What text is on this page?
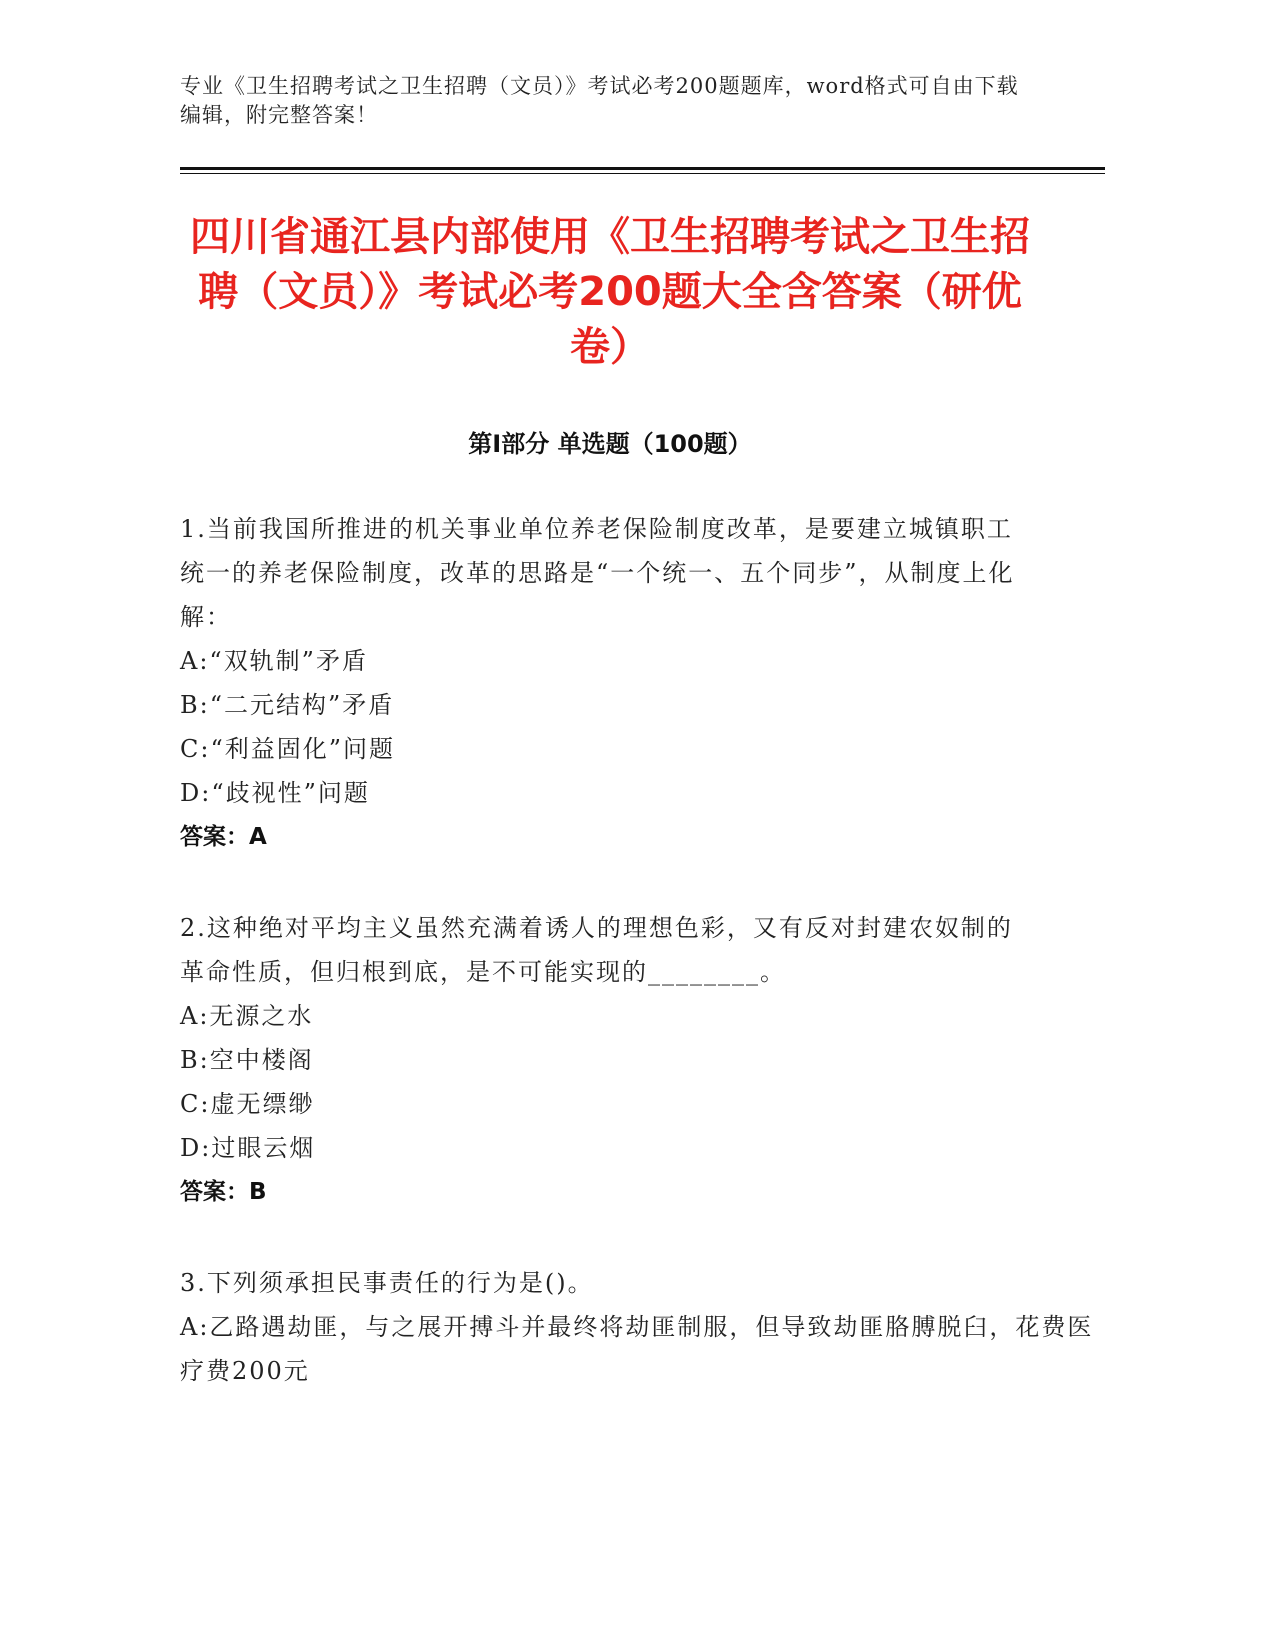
专业《卫生招聘考试之卫生招聘（文员）》考试必考200题题库，word格式可自由下载编辑，附完整答案！

四川省通江县内部使用《卫生招聘考试之卫生招聘（文员）》考试必考200题大全含答案（研优卷）
第I部分 单选题（100题）

1.当前我国所推进的机关事业单位养老保险制度改革，是要建立城镇职工统一的养老保险制度，改革的思路是“一个统一、五个同步”，从制度上化解：

A:“双轨制”矛盾

B:“二元结构”矛盾

C:“利益固化”问题

D:“歧视性”问题

答案：A

2.这种绝对平均主义虽然充满着诱人的理想色彩，又有反对封建农奴制的革命性质，但归根到底，是不可能实现的________。

A:无源之水

B:空中楼阁

C:虚无缥缈

D:过眼云烟

答案：B

3.下列须承担民事责任的行为是()。

A:乙路遇劫匪，与之展开搏斗并最终将劫匪制服，但导致劫匪胳膊脱臼，花费医疗费200元
